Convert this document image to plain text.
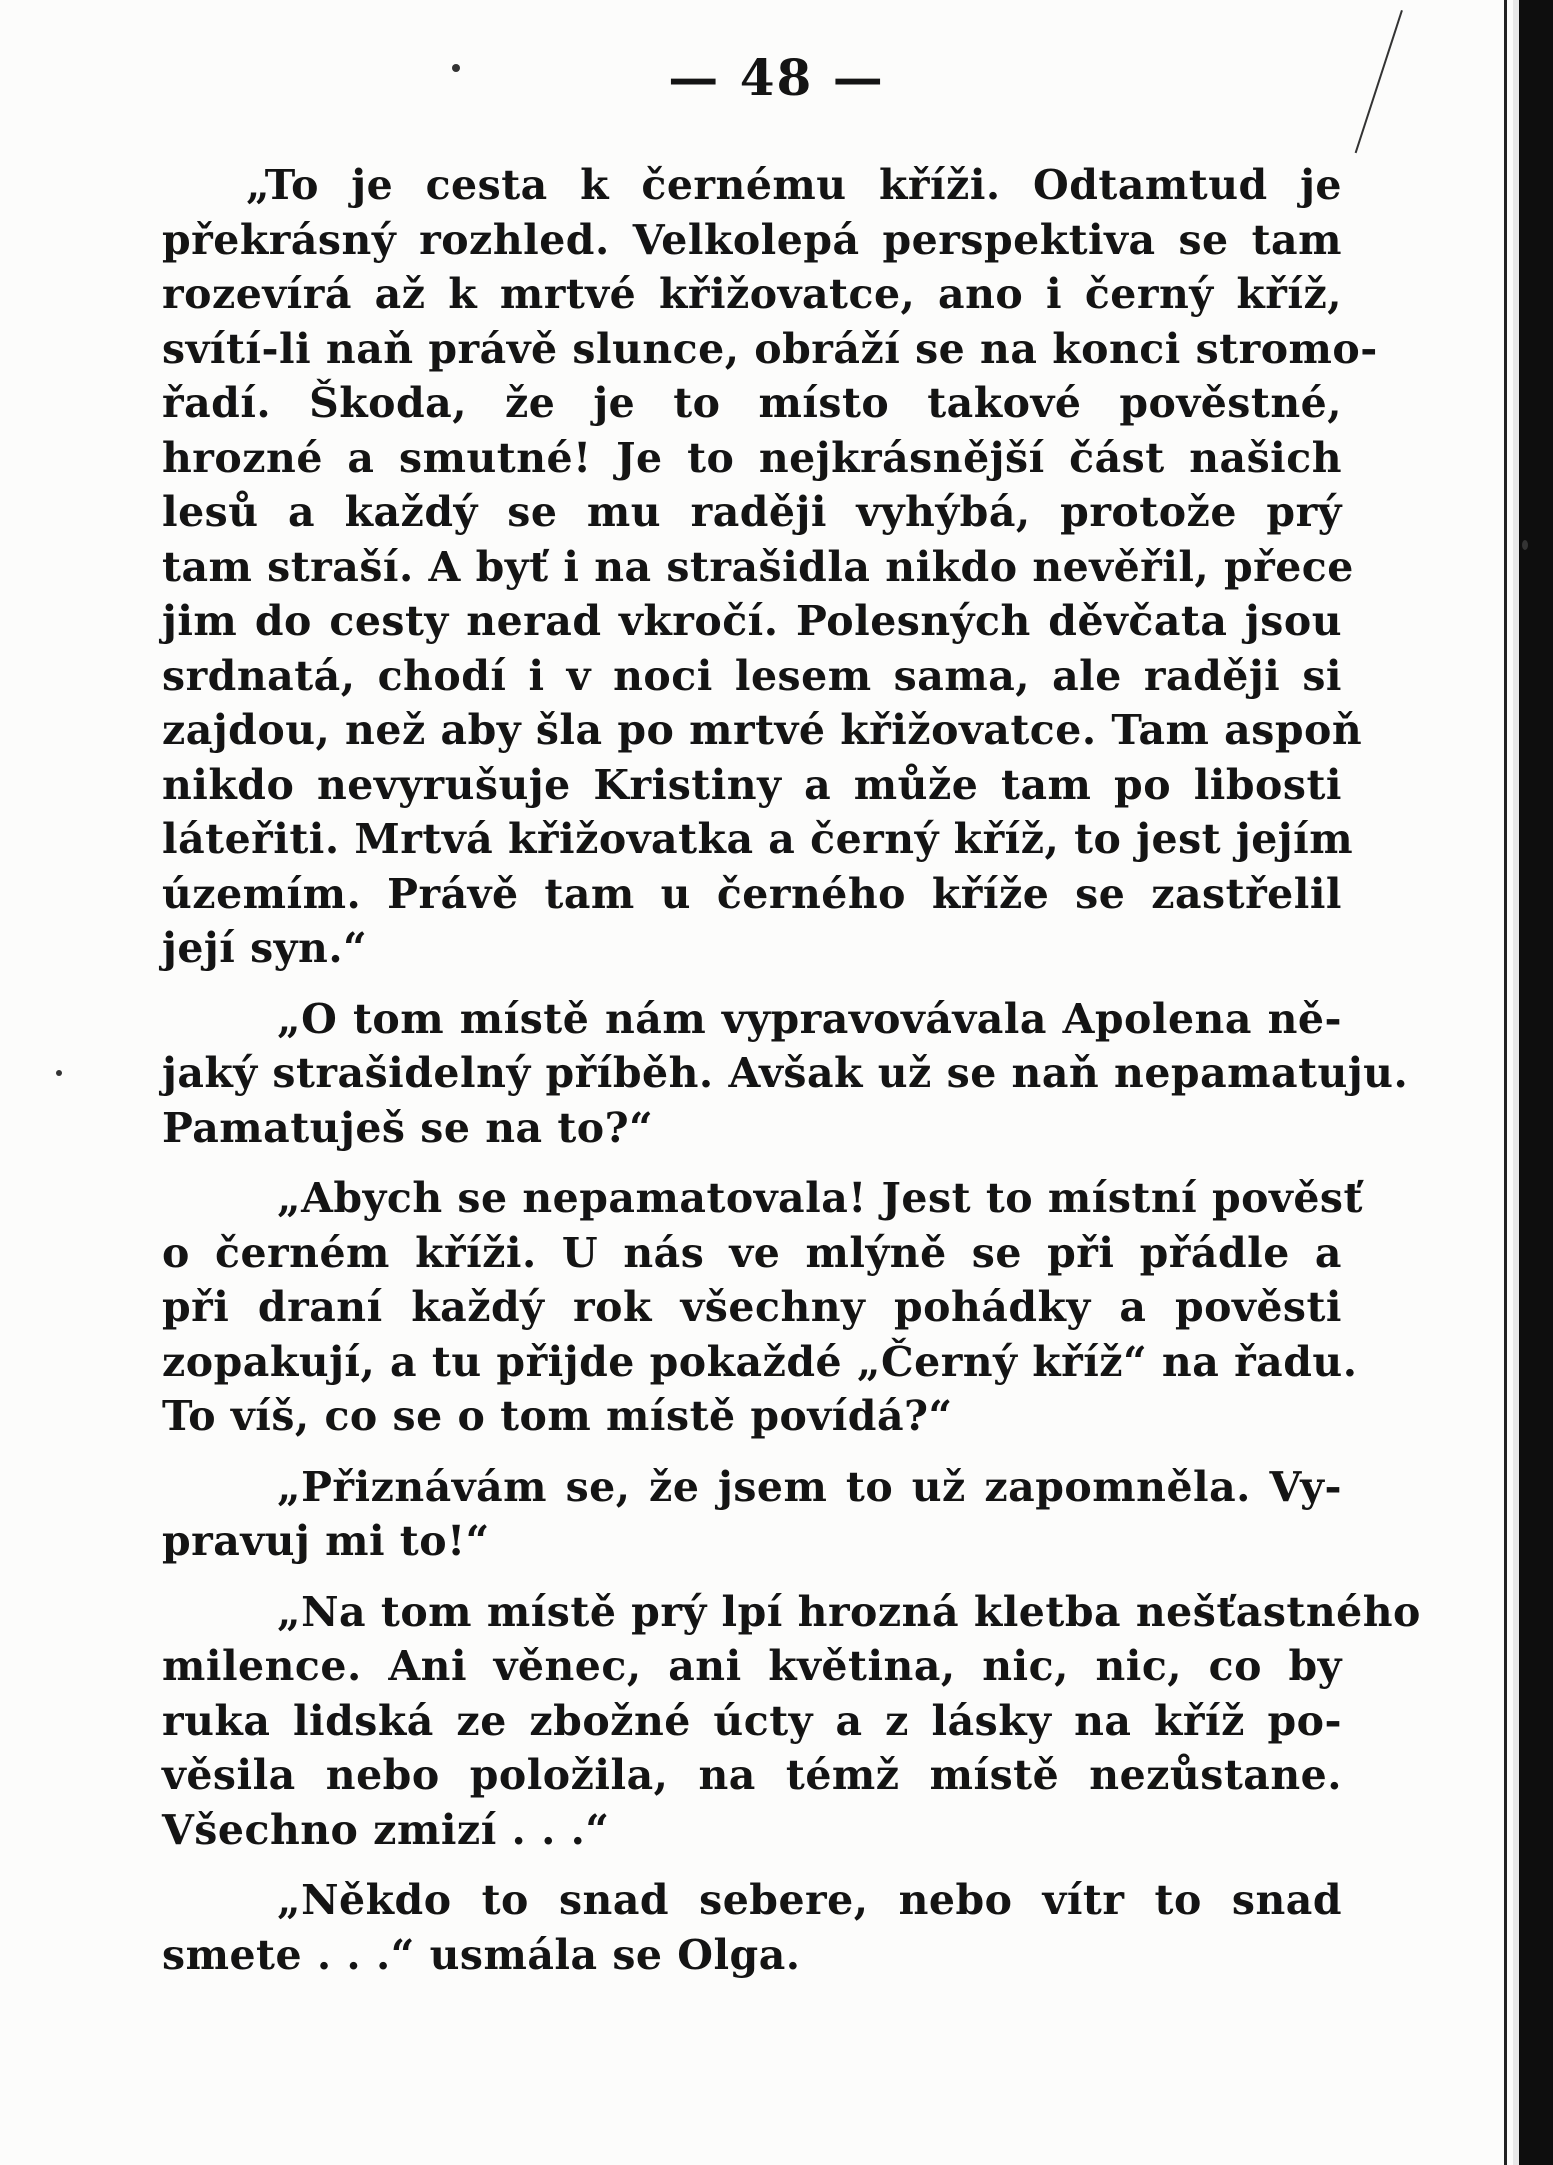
— 48 —
„To je cesta k černému kříži. Odtamtud je
překrásný rozhled. Velkolepá perspektiva se tam
rozevírá až k mrtvé křižovatce, ano i černý kříž,
svítí-li naň právě slunce, obráží se na konci stromo-
řadí. Škoda, že je to místo takové pověstné,
hrozné a smutné! Je to nejkrásnější část našich
lesů a každý se mu raději vyhýbá, protože prý
tam straší. A byť i na strašidla nikdo nevěřil, přece
jim do cesty nerad vkročí. Polesných děvčata jsou
srdnatá, chodí i v noci lesem sama, ale raději si
zajdou, než aby šla po mrtvé křižovatce. Tam aspoň
nikdo nevyrušuje Kristiny a může tam po libosti
láteřiti. Mrtvá křižovatka a černý kříž, to jest jejím
územím. Právě tam u černého kříže se zastřelil
její syn.“
„O tom místě nám vypravovávala Apolena ně-
jaký strašidelný příběh. Avšak už se naň nepamatuju.
Pamatuješ se na to?“
„Abych se nepamatovala! Jest to místní pověsť
o černém kříži. U nás ve mlýně se při přádle a
při draní každý rok všechny pohádky a pověsti
zopakují, a tu přijde pokaždé „Černý kříž“ na řadu.
To víš, co se o tom místě povídá?“
„Přiznávám se, že jsem to už zapomněla. Vy-
pravuj mi to!“
„Na tom místě prý lpí hrozná kletba nešťastného
milence. Ani věnec, ani květina, nic, nic, co by
ruka lidská ze zbožné úcty a z lásky na kříž po-
věsila nebo položila, na témž místě nezůstane.
Všechno zmizí . . .“
„Někdo to snad sebere, nebo vítr to snad
smete . . .“ usmála se Olga.
